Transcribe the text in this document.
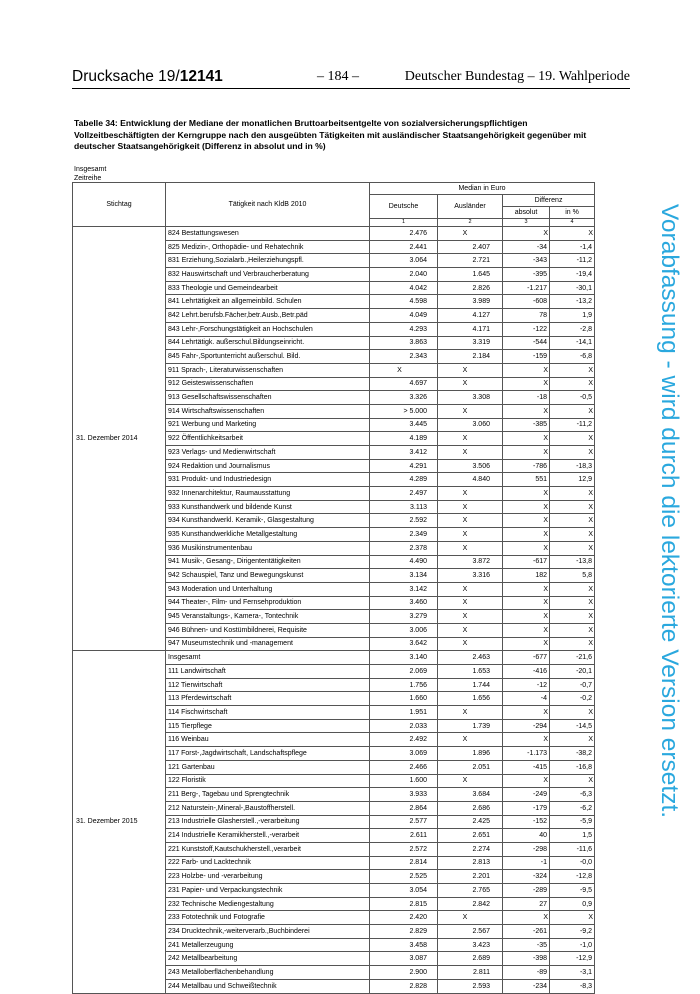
Drucksache 19/12141	– 184 –	Deutscher Bundestag – 19. Wahlperiode
Tabelle 34: Entwicklung der Mediane der monatlichen Bruttoarbeitsentgelte von sozialversicherungspflichtigen Vollzeitbeschäftigten der Kerngruppe nach den ausgeübten Tätigkeiten mit ausländischer Staatsangehörigkeit gegenüber mit deutscher Staatsangehörigkeit (Differenz in absolut und in %)
Insgesamt
Zeitreihe
Vorabfassung - wird durch die lektorierte Version ersetzt.
Stichtag	Tätigkeit nach KldB 2010	Median in Euro			
		Deutsche	Ausländer	Differenz	
				absolut	in %
		1	2	3	4
31. Dezember 2014	824 Bestattungswesen	2.476	X	X	X
	825 Medizin-, Orthopädie- und Rehatechnik	2.441	2.407	-34	-1,4
	831 Erziehung,Sozialarb.,Heilerziehungspfl.	3.064	2.721	-343	-11,2
	832 Hauswirtschaft und Verbraucherberatung	2.040	1.645	-395	-19,4
	833 Theologie und Gemeindearbeit	4.042	2.826	-1.217	-30,1
	841 Lehrtätigkeit an allgemeinbild. Schulen	4.598	3.989	-608	-13,2
	842 Lehrt.berufsb.Fächer,betr.Ausb.,Betr.päd	4.049	4.127	78	1,9
	843 Lehr-,Forschungstätigkeit an Hochschulen	4.293	4.171	-122	-2,8
	844 Lehrtätigk. außerschul.Bildungseinricht.	3.863	3.319	-544	-14,1
	845 Fahr-,Sportunterricht außerschul. Bild.	2.343	2.184	-159	-6,8
	911 Sprach-, Literaturwissenschaften	X	X	X	X
	912 Geisteswissenschaften	4.697	X	X	X
	913 Gesellschaftswissenschaften	3.326	3.308	-18	-0,5
	914 Wirtschaftswissenschaften	> 5.000	X	X	X
	921 Werbung und Marketing	3.445	3.060	-385	-11,2
	922 Öffentlichkeitsarbeit	4.189	X	X	X
	923 Verlags- und Medienwirtschaft	3.412	X	X	X
	924 Redaktion und Journalismus	4.291	3.506	-786	-18,3
	931 Produkt- und Industriedesign	4.289	4.840	551	12,9
	932 Innenarchitektur, Raumausstattung	2.497	X	X	X
	933 Kunsthandwerk und bildende Kunst	3.113	X	X	X
	934 Kunsthandwerkl. Keramik-, Glasgestaltung	2.592	X	X	X
	935 Kunsthandwerkliche Metallgestaltung	2.349	X	X	X
	936 Musikinstrumentenbau	2.378	X	X	X
	941 Musik-, Gesang-, Dirigententätigkeiten	4.490	3.872	-617	-13,8
	942 Schauspiel, Tanz und Bewegungskunst	3.134	3.316	182	5,8
	943 Moderation und Unterhaltung	3.142	X	X	X
	944 Theater-, Film- und Fernsehproduktion	3.460	X	X	X
	945 Veranstaltungs-, Kamera-, Tontechnik	3.279	X	X	X
	946 Bühnen- und Kostümbildnerei, Requisite	3.006	X	X	X
	947 Museumstechnik und -management	3.642	X	X	X
31. Dezember 2015	Insgesamt	3.140	2.463	-677	-21,6
	111 Landwirtschaft	2.069	1.653	-416	-20,1
	112 Tierwirtschaft	1.756	1.744	-12	-0,7
	113 Pferdewirtschaft	1.660	1.656	-4	-0,2
	114 Fischwirtschaft	1.951	X	X	X
	115 Tierpflege	2.033	1.739	-294	-14,5
	116 Weinbau	2.492	X	X	X
	117 Forst-,Jagdwirtschaft, Landschaftspflege	3.069	1.896	-1.173	-38,2
	121 Gartenbau	2.466	2.051	-415	-16,8
	122 Floristik	1.600	X	X	X
	211 Berg-, Tagebau und Sprengtechnik	3.933	3.684	-249	-6,3
	212 Naturstein-,Mineral-,Baustoffherstell.	2.864	2.686	-179	-6,2
	213 Industrielle Glasherstell.,-verarbeitung	2.577	2.425	-152	-5,9
	214 Industrielle Keramikherstell.,-verarbeit	2.611	2.651	40	1,5
	221 Kunststoff,Kautschukherstell.,verarbeit	2.572	2.274	-298	-11,6
	222 Farb- und Lacktechnik	2.814	2.813	-1	-0,0
	223 Holzbe- und -verarbeitung	2.525	2.201	-324	-12,8
	231 Papier- und Verpackungstechnik	3.054	2.765	-289	-9,5
	232 Technische Mediengestaltung	2.815	2.842	27	0,9
	233 Fototechnik und Fotografie	2.420	X	X	X
	234 Drucktechnik,-weiterverarb.,Buchbinderei	2.829	2.567	-261	-9,2
	241 Metallerzeugung	3.458	3.423	-35	-1,0
	242 Metallbearbeitung	3.087	2.689	-398	-12,9
	243 Metalloberflächenbehandlung	2.900	2.811	-89	-3,1
	244 Metallbau und Schweißtechnik	2.828	2.593	-234	-8,3
